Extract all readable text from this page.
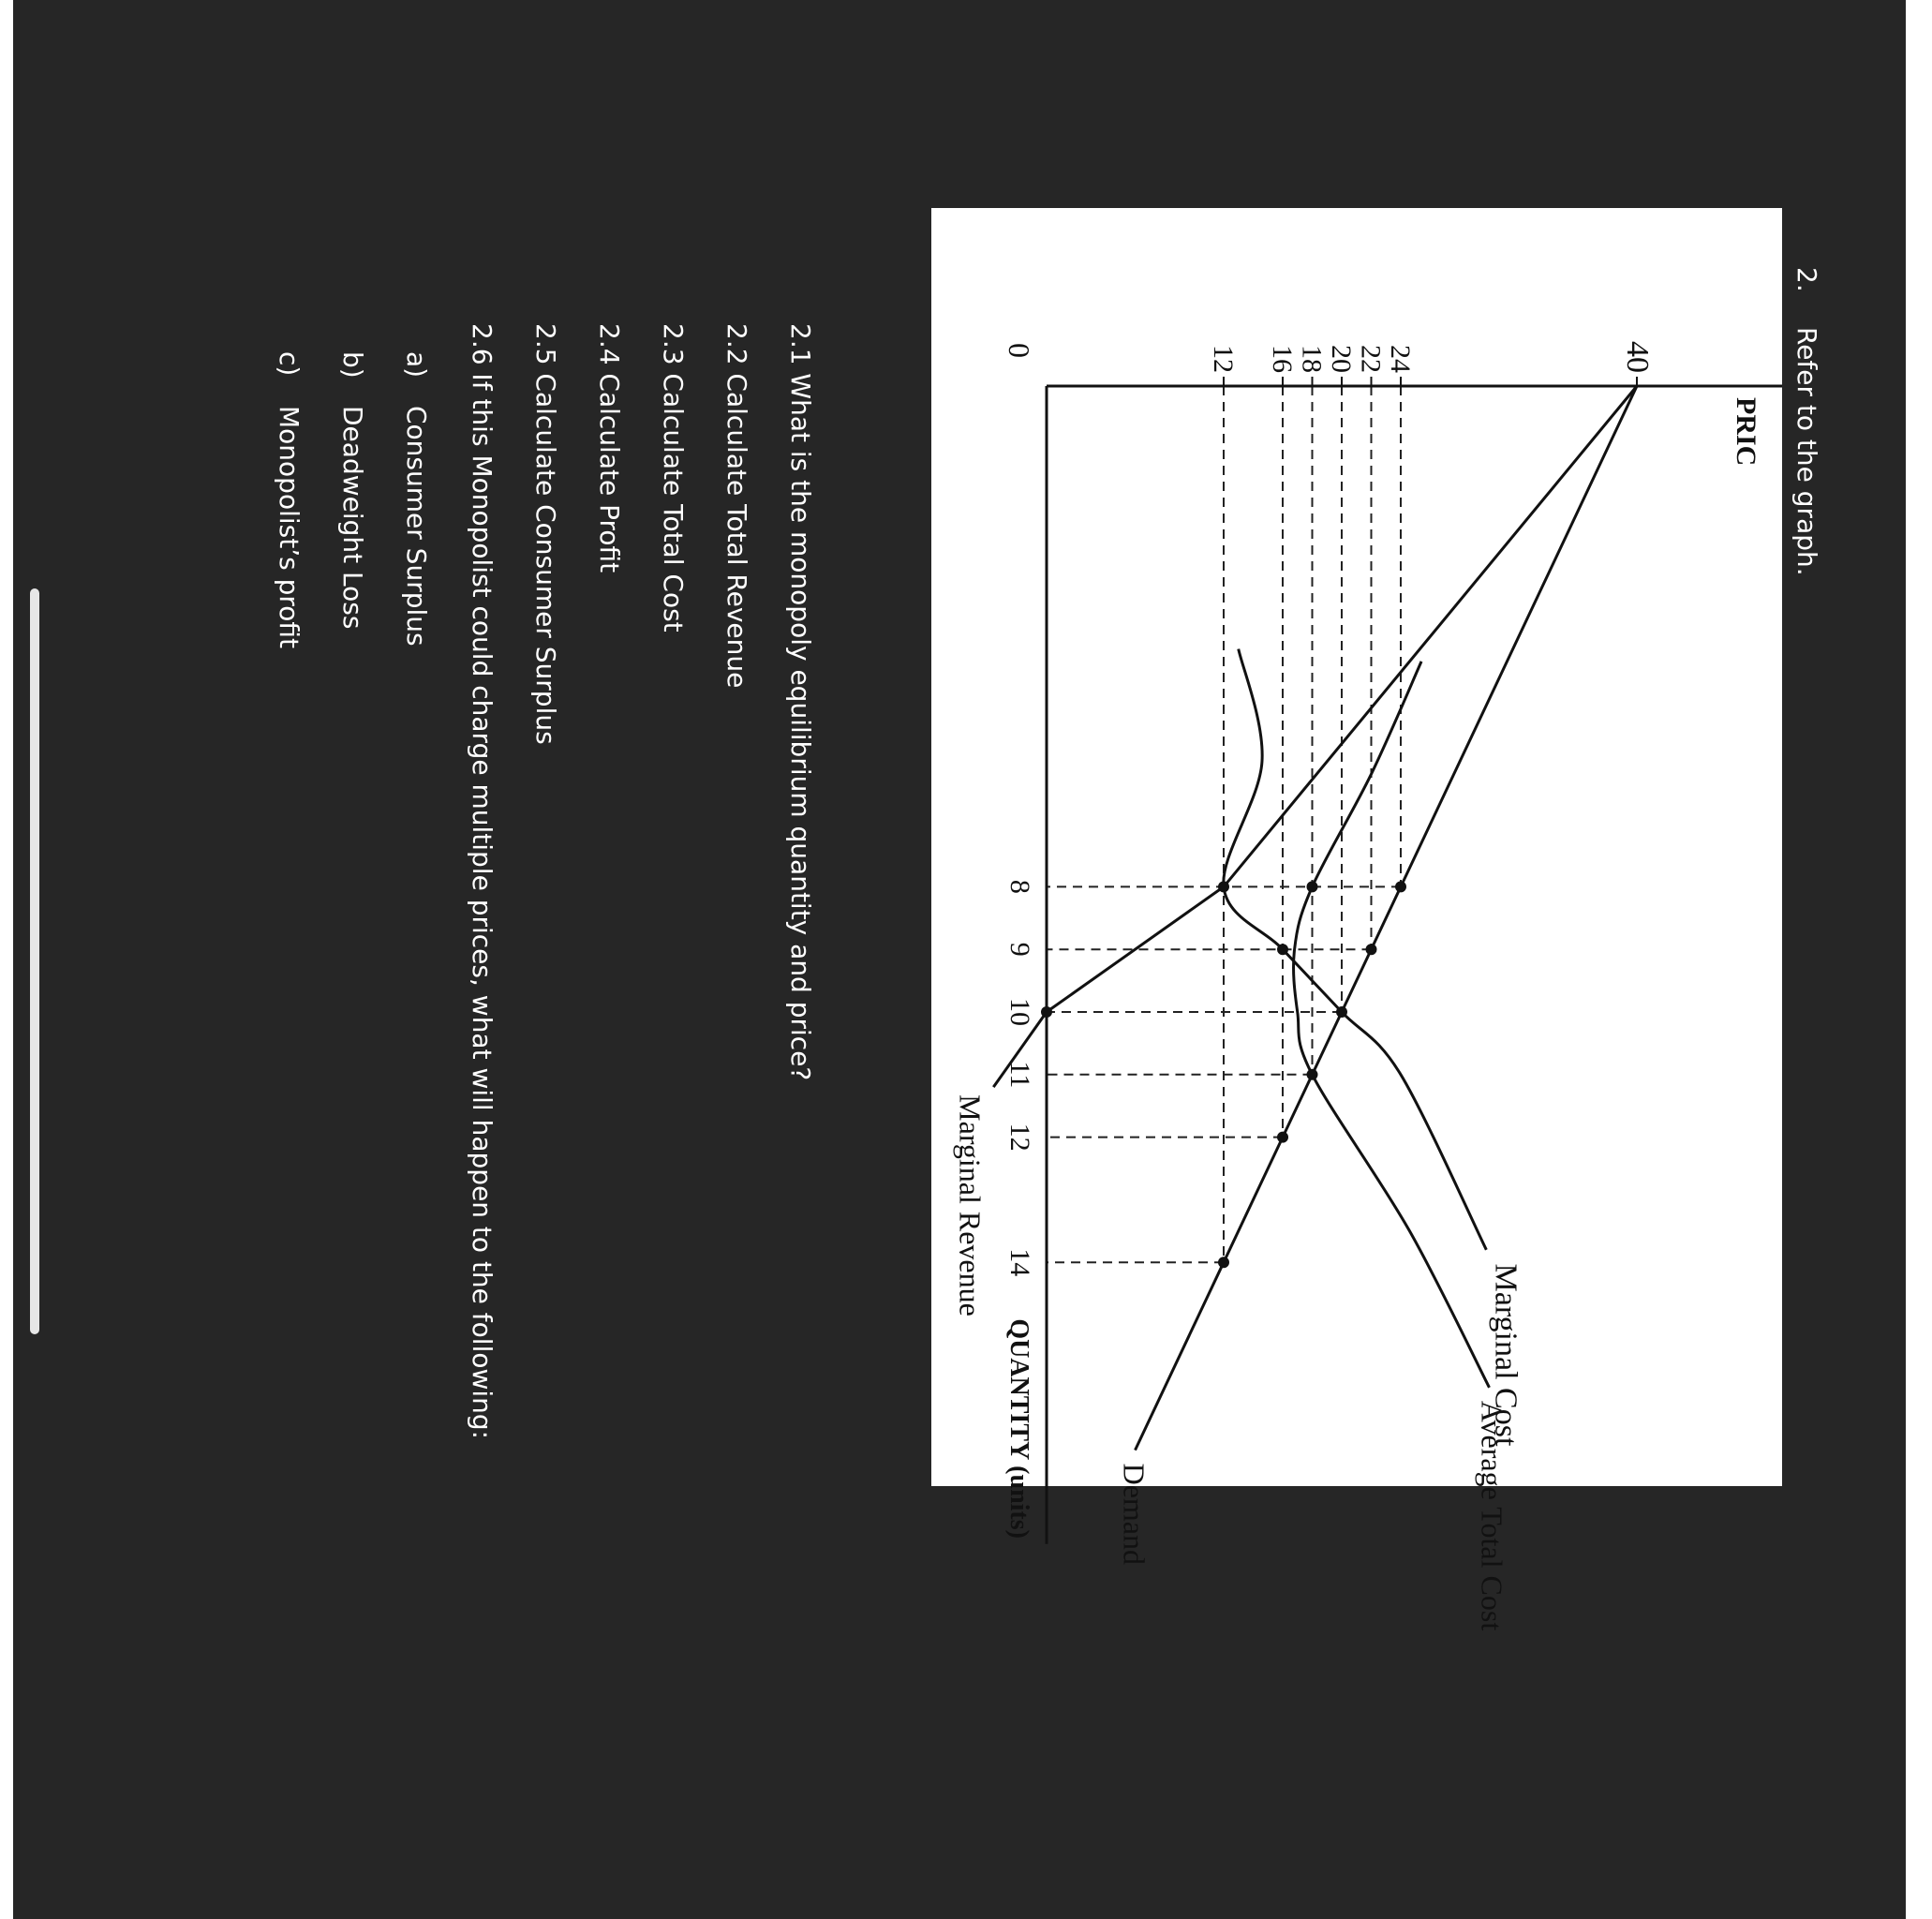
2.Refer to the graph.
40
24
22
20
18
16
12
8
9
10
11
12
14
0
PRIC
QUANTITY (units)	Demand
Marginal Revenue
Marginal Cost
Average Total Cost
2.1 What is the monopoly equilibrium quantity and price?
2.2 Calculate Total Revenue
2.3 Calculate Total Cost
2.4 Calculate Profit
2.5 Calculate Consumer Surplus
2.6 If this Monopolist could charge multiple prices, what will happen to the following:
a)Consumer Surplus
b)Deadweight Loss
c)Monopolist’s profit
